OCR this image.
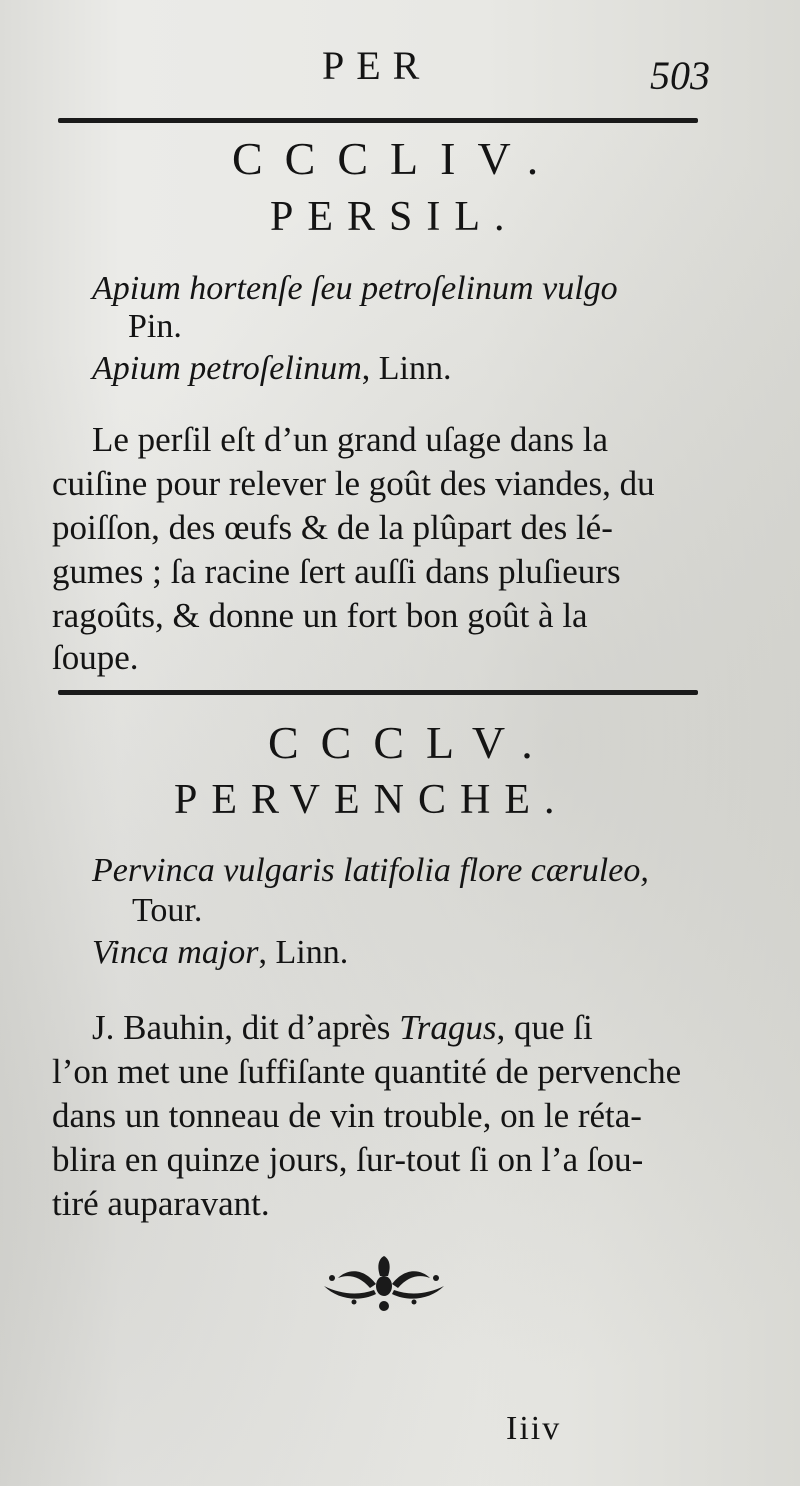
PER	503
CCCLIV.
PERSIL.
Apium hortenſe ſeu petroſelinum vulgo
Pin.
Apium petroſelinum, Linn.
Le perſil eſt d’un grand uſage dans la
cuiſine pour relever le goût des viandes, du
poiſſon, des œufs & de la plûpart des lé-
gumes ; ſa racine ſert auſſi dans pluſieurs
ragoûts, & donne un fort bon goût à la
ſoupe.
CCCLV.
PERVENCHE.
Pervinca vulgaris latifolia flore cæruleo,
Tour.
Vinca major, Linn.
J. Bauhin, dit d’après Tragus, que ſi
l’on met une ſuffiſante quantité de pervenche
dans un tonneau de vin trouble, on le réta-
blira en quinze jours, ſur-tout ſi on l’a ſou-
tiré auparavant.
Iiiv
